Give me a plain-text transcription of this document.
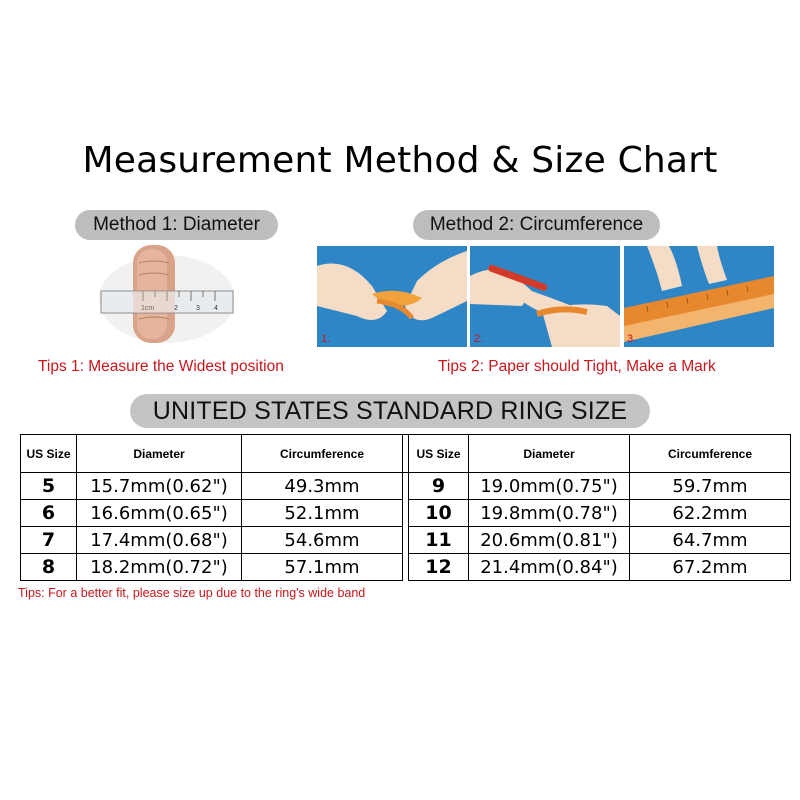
Measurement Method & Size Chart
Method 1: Diameter	Method 2: Circumference
1cm	2	3 4
1.	2.	3.
Tips 1: Measure the Widest position	Tips 2: Paper should Tight, Make a Mark
UNITED STATES STANDARD RING SIZE
US Size	Diameter	Circumference		US Size	Diameter	Circumference
5	15.7mm(0.62")	49.3mm		9	19.0mm(0.75")	59.7mm
6	16.6mm(0.65")	52.1mm		10	19.8mm(0.78")	62.2mm
7	17.4mm(0.68")	54.6mm		11	20.6mm(0.81")	64.7mm
8	18.2mm(0.72")	57.1mm		12	21.4mm(0.84")	67.2mm
Tips: For a better fit, please size up due to the ring's wide band
